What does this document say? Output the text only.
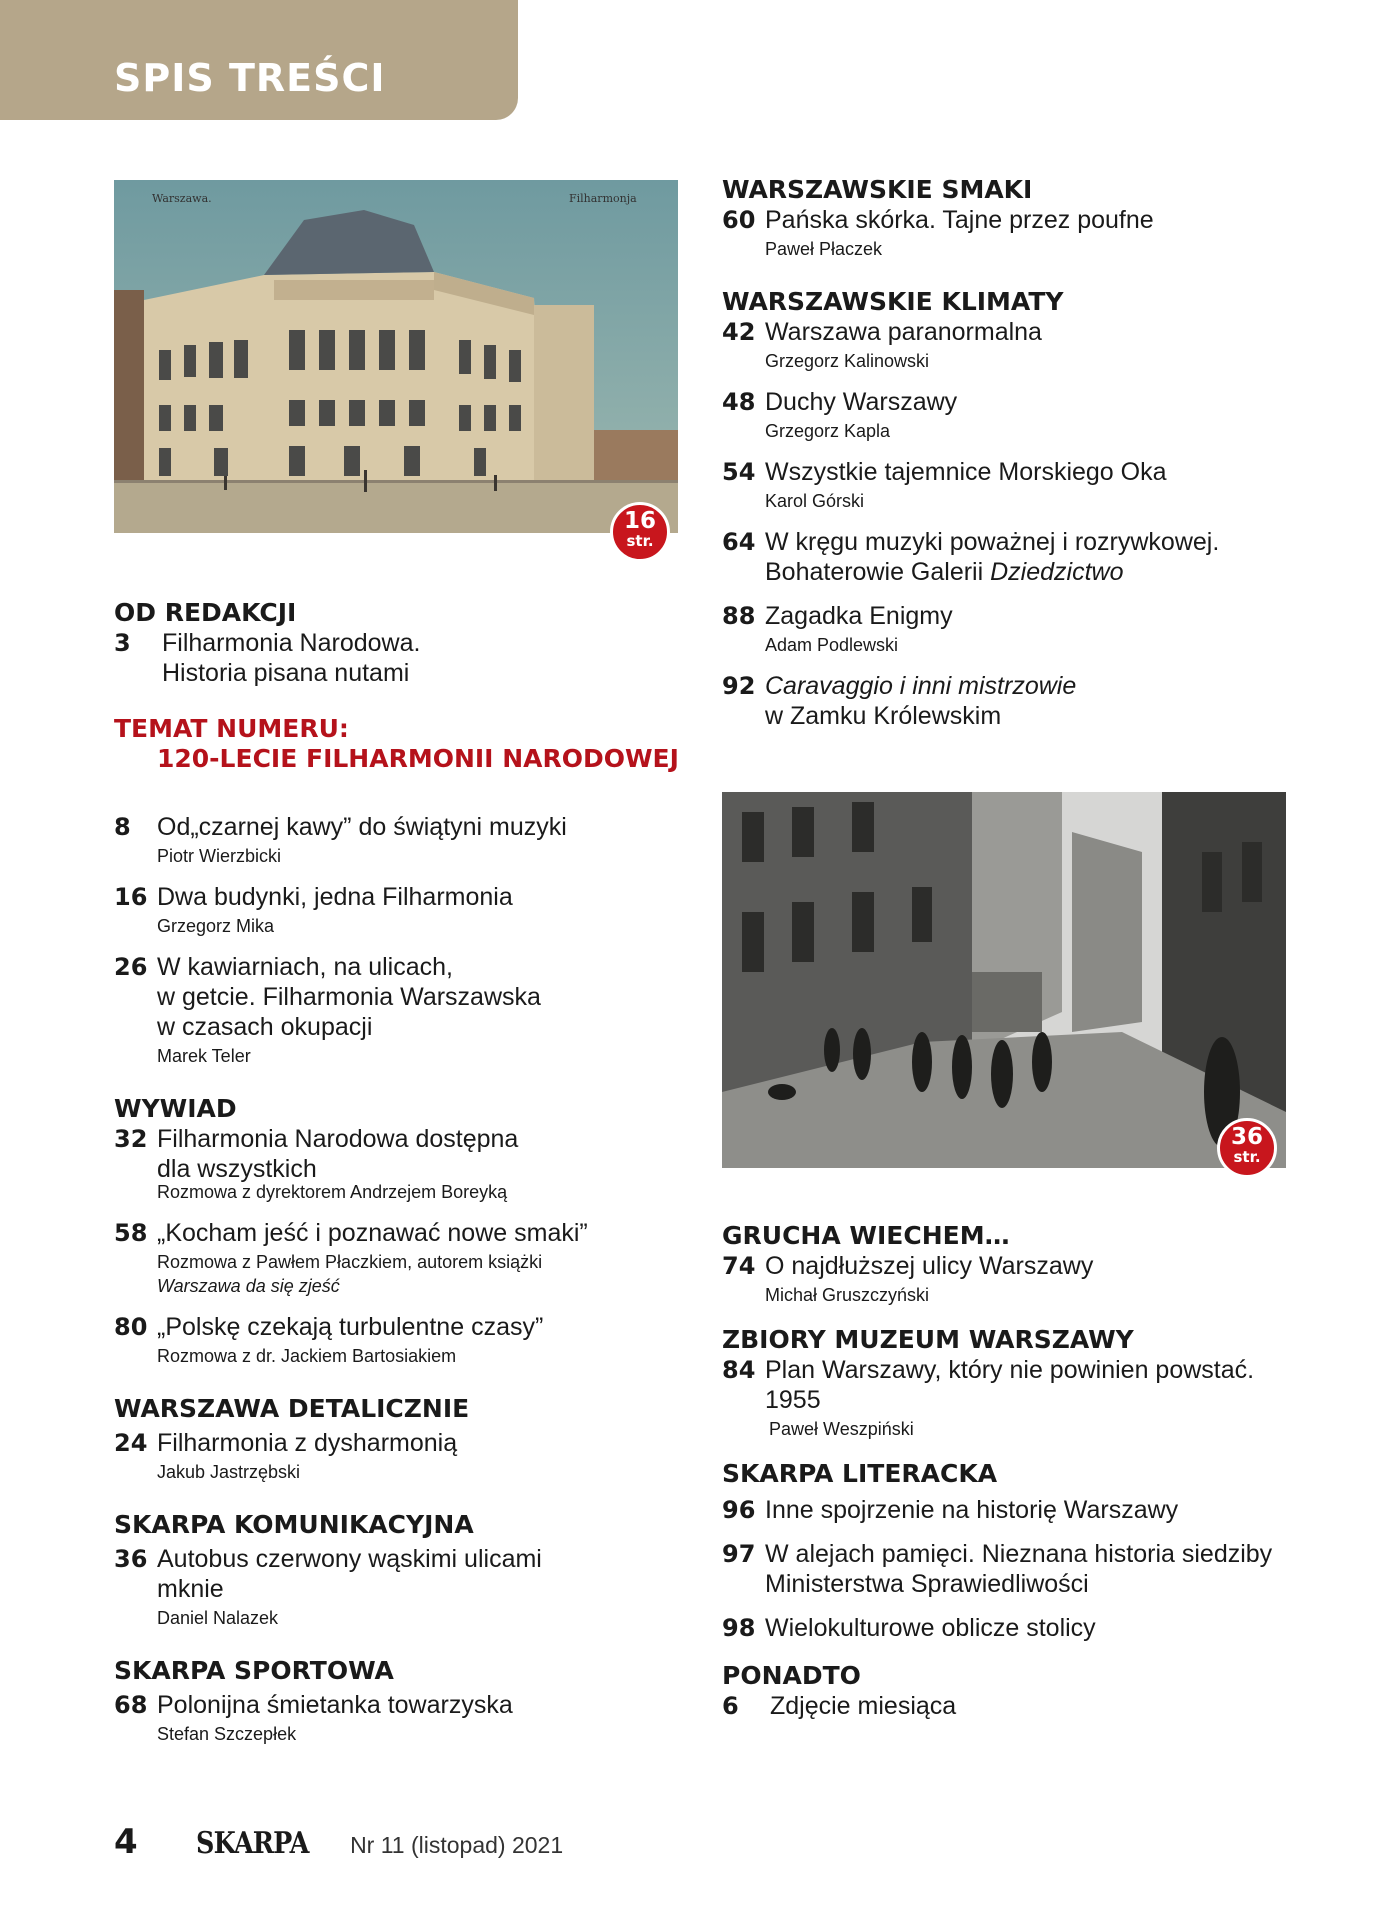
SPIS TREŚCI
Warszawa.	Filharmonja
16
str.
36
str.
OD REDAKCJI
3	Filharmonia Narodowa.
Historia pisana nutami
TEMAT NUMERU:
120-LECIE FILHARMONII NARODOWEJ
8	Od„czarnej kawy” do świątyni muzyki
Piotr Wierzbicki
16 Dwa budynki, jedna Filharmonia
Grzegorz Mika
26 W kawiarniach, na ulicach,
w getcie. Filharmonia Warszawska
w czasach okupacji
Marek Teler
WYWIAD
32 Filharmonia Narodowa dostępna
dla wszystkich
Rozmowa z dyrektorem Andrzejem Boreyką
58 „Kocham jeść i poznawać nowe smaki”
Rozmowa z Pawłem Płaczkiem, autorem książki
Warszawa da się zjeść
80 „Polskę czekają turbulentne czasy”
Rozmowa z dr. Jackiem Bartosiakiem
WARSZAWA DETALICZNIE
24 Filharmonia z dysharmonią
Jakub Jastrzębski
SKARPA KOMUNIKACYJNA
36 Autobus czerwony wąskimi ulicami
mknie
Daniel Nalazek
SKARPA SPORTOWA
68 Polonijna śmietanka towarzyska
Stefan Szczepłek
WARSZAWSKIE SMAKI
60 Pańska skórka. Tajne przez poufne
Paweł Płaczek
WARSZAWSKIE KLIMATY
42 Warszawa paranormalna
Grzegorz Kalinowski
48 Duchy Warszawy
Grzegorz Kapla
54 Wszystkie tajemnice Morskiego Oka
Karol Górski
64 W kręgu muzyki poważnej i rozrywkowej.
Bohaterowie Galerii Dziedzictwo
88 Zagadka Enigmy
Adam Podlewski
92 Caravaggio i inni mistrzowie
w Zamku Królewskim
GRUCHA WIECHEM…
74 O najdłuższej ulicy Warszawy
Michał Gruszczyński
ZBIORY MUZEUM WARSZAWY
84 Plan Warszawy, który nie powinien powstać.
1955
Paweł Weszpiński
SKARPA LITERACKA
96 Inne spojrzenie na historię Warszawy
97 W alejach pamięci. Nieznana historia siedziby
Ministerstwa Sprawiedliwości
98 Wielokulturowe oblicze stolicy
PONADTO
6	Zdjęcie miesiąca
4 SKARPA Nr 11 (listopad) 2021
